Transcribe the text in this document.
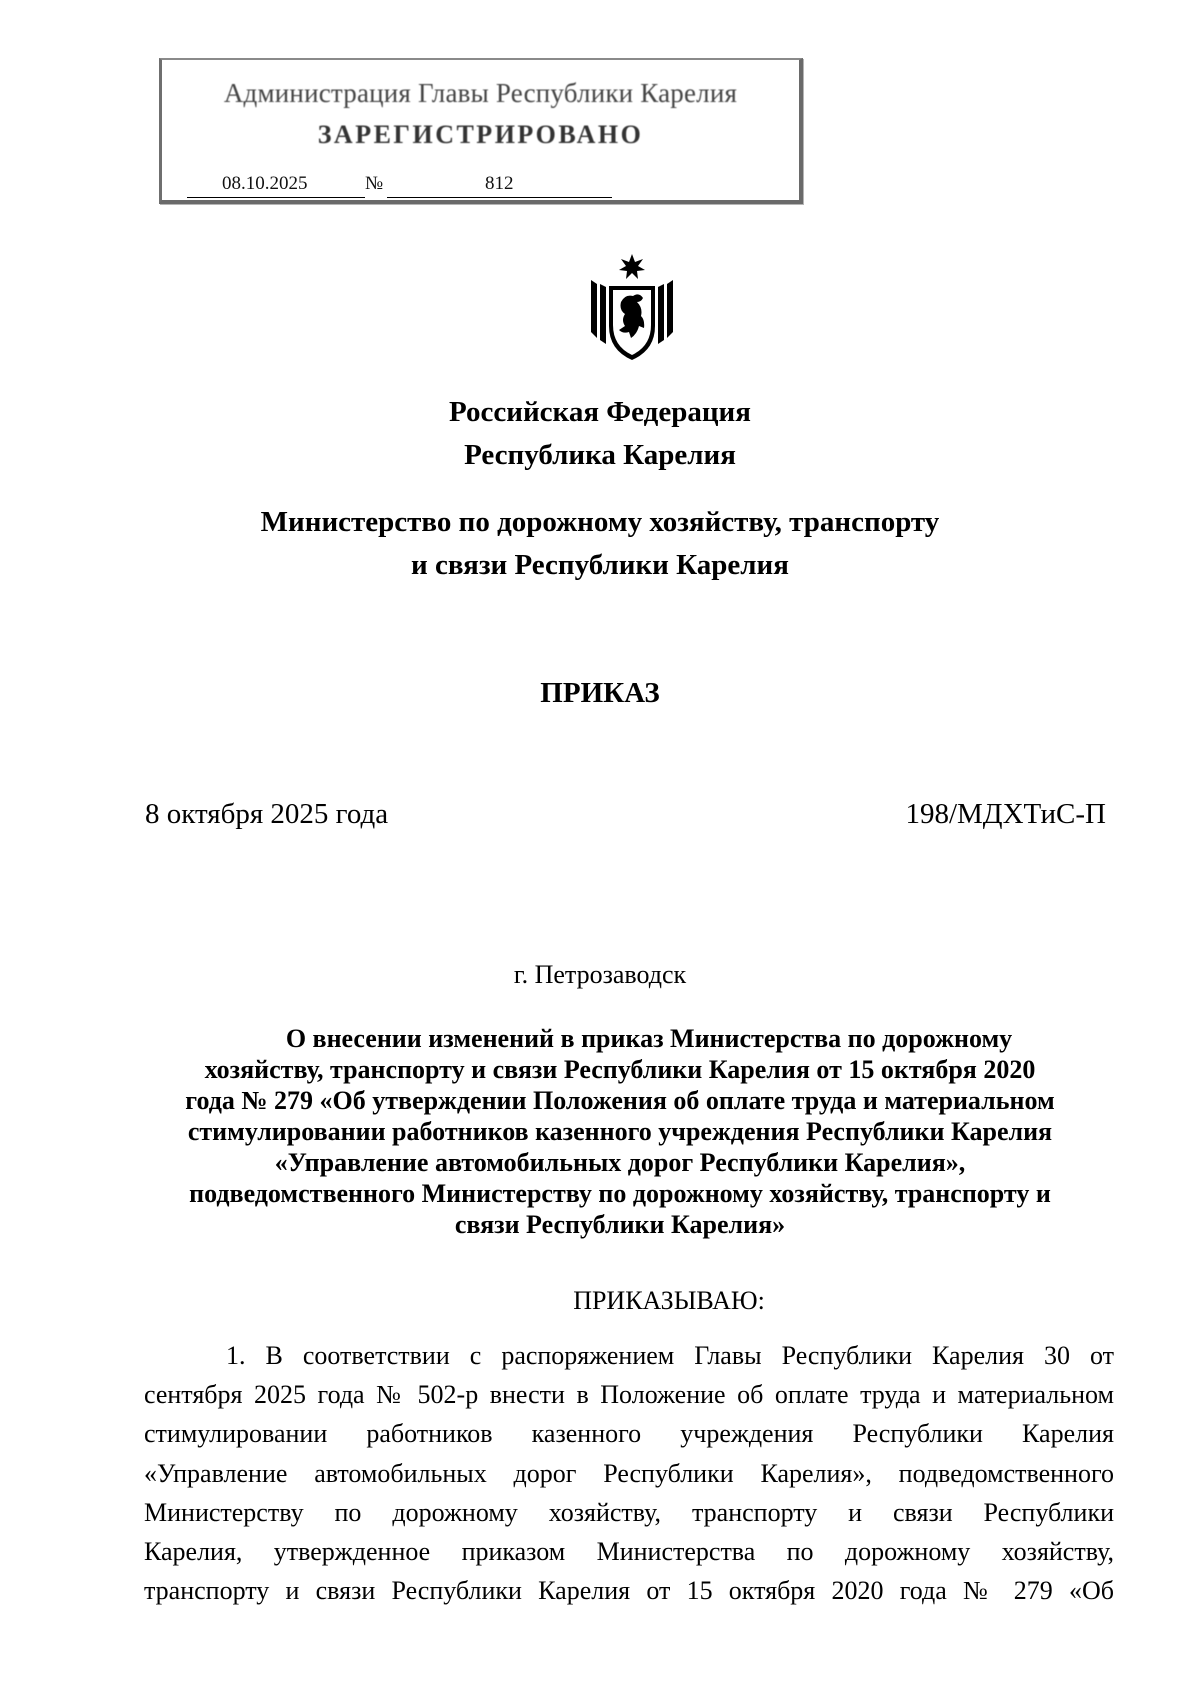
Администрация Главы Республики Карелия
ЗАРЕГИСТРИРОВАНО
08.10.2025	№	812
Российская Федерация
Республика Карелия
Министерство по дорожному хозяйству, транспорту
и связи Республики Карелия
ПРИКАЗ
8 октября 2025 года	198/МДХТиС-П
г. Петрозаводск
О внесении изменений в приказ Министерства по дорожному
хозяйству, транспорту и связи Республики Карелия от 15 октября 2020
года № 279 «Об утверждении Положения об оплате труда и материальном
стимулировании работников казенного учреждения Республики Карелия
«Управление автомобильных дорог Республики Карелия»,
подведомственного Министерству по дорожному хозяйству, транспорту и
связи Республики Карелия»
ПРИКАЗЫВАЮ:
1. В соответствии с распоряжением Главы Республики Карелия 30 от
сентября 2025 года № 502-р внести в Положение об оплате труда и материальном
стимулировании работников казенного учреждения Республики Карелия
«Управление автомобильных дорог Республики Карелия», подведомственного
Министерству по дорожному хозяйству, транспорту и связи Республики
Карелия, утвержденное приказом Министерства по дорожному хозяйству,
транспорту и связи Республики Карелия от 15 октября 2020 года № 279 «Об
